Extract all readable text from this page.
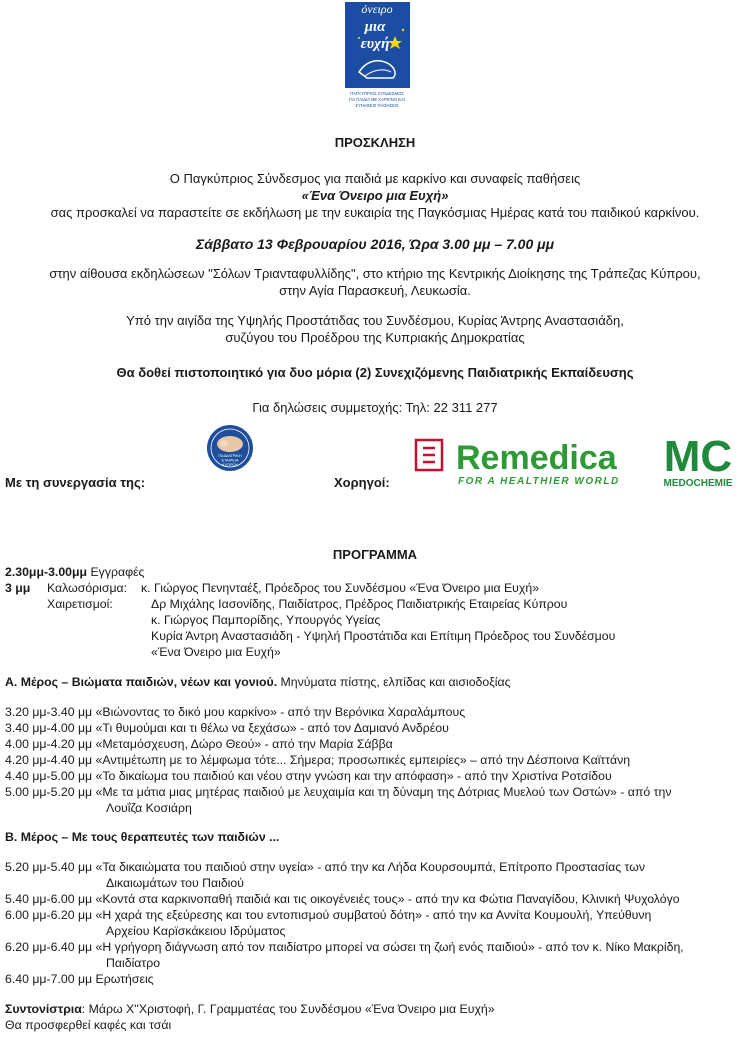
όνειρο
μια
ευχή
ΠΑΓΚΥΠΡΙΟΣ ΣΥΝΔΕΣΜΟΣ
ΓΙΑ ΠΑΙΔΙΑ ΜΕ ΚΑΡΚΙΝΟ ΚΑΙ
ΣΥΝΑΦΕΙΣ ΠΑΘΗΣΕΙΣ
ΠΡΟΣΚΛΗΣΗ
Ο Παγκύπριος Σύνδεσμος για παιδιά με καρκίνο και συναφείς παθήσεις
«Ένα Όνειρο μια Ευχή»
σας προσκαλεί να παραστείτε σε εκδήλωση με την ευκαιρία της Παγκόσμιας Ημέρας κατά του παιδικού καρκίνου.
Σάββατο 13 Φεβρουαρίου 2016, Ώρα 3.00 μμ – 7.00 μμ
στην αίθουσα εκδηλώσεων "Σόλων Τριανταφυλλίδης", στο κτήριο της Κεντρικής Διοίκησης της Τράπεζας Κύπρου,
στην Αγία Παρασκευή, Λευκωσία.
Υπό την αιγίδα της Υψηλής Προστάτιδας του Συνδέσμου, Κυρίας Άντρης Αναστασιάδη,
συζύγου του Προέδρου της Κυπριακής Δημοκρατίας
Θα δοθεί πιστοποιητικό για δυο μόρια (2) Συνεχιζόμενης Παιδιατρικής Εκπαίδευσης
Για δηλώσεις συμμετοχής: Τηλ: 22 311 277
Με τη συνεργασία της:
ΠΑΙΔΙΑΤΡΙΚΗ
ΕΤΑΙΡΕΙΑ
ΚΥΠΡΟΥ
Χορηγοί:
Remedica
FOR A HEALTHIER WORLD
MC
MEDOCHEMIE
ΠΡΟΓΡΑΜΜΑ
2.30μμ-3.00μμ Εγγραφές
3 μμ Καλωσόρισμα: κ. Γιώργος Πενηνταέξ, Πρόεδρος του Συνδέσμου «Ένα Όνειρο μια Ευχή»
Χαιρετισμοί:	Δρ Μιχάλης Ιασονίδης, Παιδίατρος, Πρέδρος Παιδιατρικής Εταιρείας Κύπρου
κ. Γιώργος Παμπορίδης, Υπουργός Υγείας
Κυρία Άντρη Αναστασιάδη - Υψηλή Προστάτιδα και Επίτιμη Πρόεδρος του Συνδέσμου
«Ένα Όνειρο μια Ευχή»
Α. Μέρος – Βιώματα παιδιών, νέων και γονιού. Μηνύματα πίστης, ελπίδας και αισιοδοξίας
3.20 μμ-3.40 μμ «Βιώνοντας το δικό μου καρκίνο» - από την Βερόνικα Χαραλάμπους
3.40 μμ-4.00 μμ «Τι θυμούμαι και τι θέλω να ξεχάσω» - από τον Δαμιανό Ανδρέου
4.00 μμ-4.20 μμ «Μεταμόσχευση, Δώρο Θεού» - από την Μαρία Σάββα
4.20 μμ-4.40 μμ «Αντιμέτωπη με το λέμφωμα τότε... Σήμερα; προσωπικές εμπειρίες» – από την Δέσποινα Καϊττάνη
4.40 μμ-5.00 μμ «Το δικαίωμα του παιδιού και νέου στην γνώση και την απόφαση» - από την Χριστίνα Ροτσίδου
5.00 μμ-5.20 μμ «Με τα μάτια μιας μητέρας παιδιού με λευχαιμία και τη δύναμη της Δότριας Μυελού των Οστών» - από την
Λουΐζα Κοσιάρη
Β. Μέρος – Με τους θεραπευτές των παιδιών ...
5.20 μμ-5.40 μμ «Τα δικαιώματα του παιδιού στην υγεία» - από την κα Λήδα Κουρσουμπά, Επίτροπο Προστασίας των
Δικαιωμάτων του Παιδιού
5.40 μμ-6.00 μμ «Κοντά στα καρκινοπαθή παιδιά και τις οικογένειές τους» - από την κα Φώτια Παναγίδου, Κλινική Ψυχολόγο
6.00 μμ-6.20 μμ «Η χαρά της εξεύρεσης και του εντοπισμού συμβατού δότη» - από την κα Αννίτα Κουμουλή, Υπεύθυνη
Αρχείου Καρϊσκάκειου Ιδρύματος
6.20 μμ-6.40 μμ «Η γρήγορη διάγνωση από τον παιδίατρο μπορεί να σώσει τη ζωή ενός παιδιού» - από τον κ. Νίκο Μακρίδη,
Παιδίατρο
6.40 μμ-7.00 μμ Ερωτήσεις
Συντονίστρια: Μάρω Χ''Χριστοφή, Γ. Γραμματέας του Συνδέσμου «Ένα Όνειρο μια Ευχή»
Θα προσφερθεί καφές και τσάι
